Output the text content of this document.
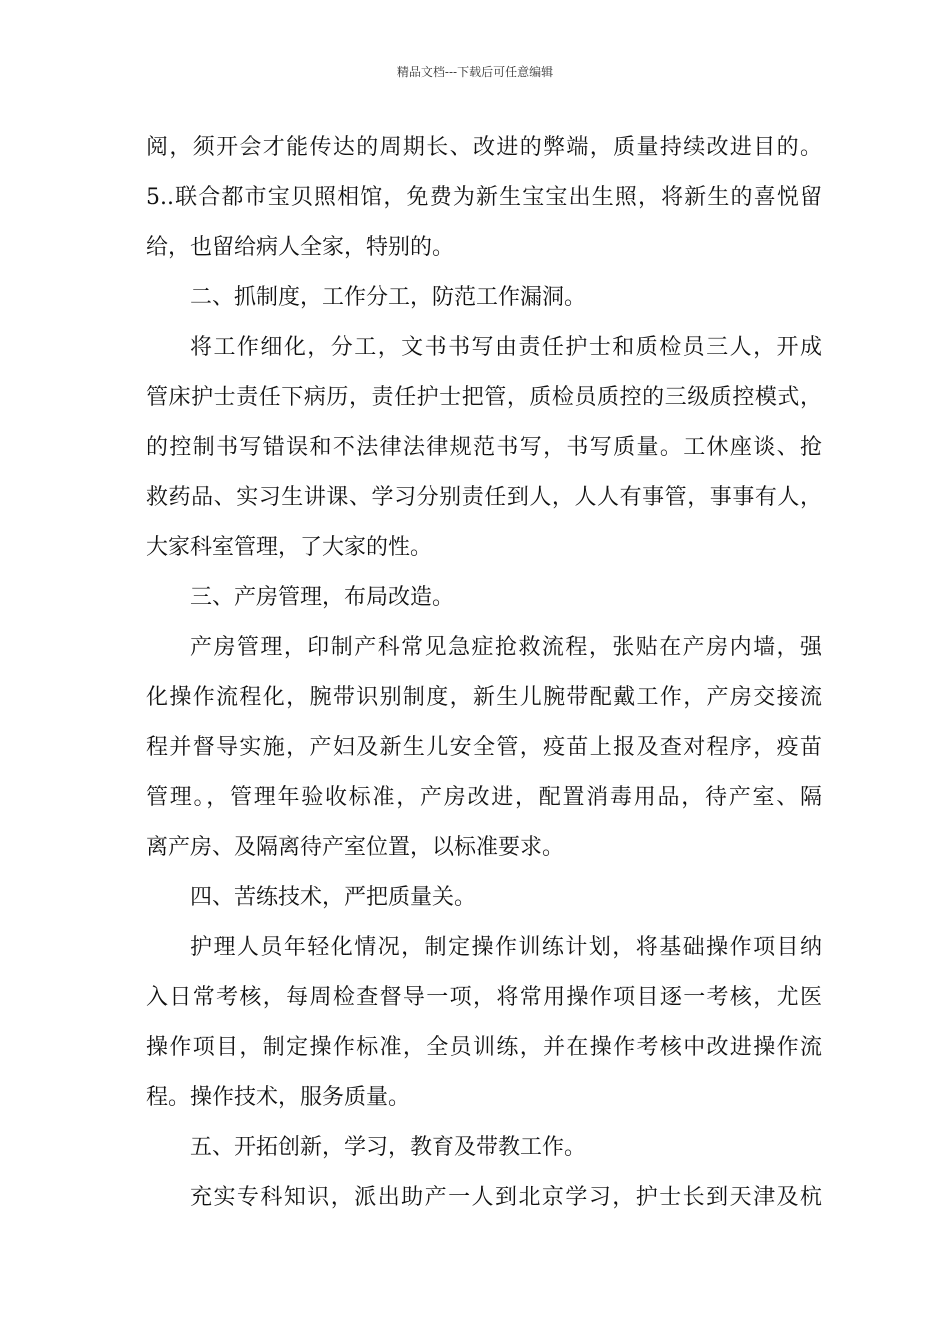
精品文档---下载后可任意编辑
阅，须开会才能传达的周期长、改进的弊端，质量持续改进目的。
5..联合都市宝贝照相馆，免费为新生宝宝出生照，将新生的喜悦留
给，也留给病人全家，特别的。
二、抓制度，工作分工，防范工作漏洞。
将工作细化，分工，文书书写由责任护士和质检员三人，开成
管床护士责任下病历，责任护士把管，质检员质控的三级质控模式，
的控制书写错误和不法律法律规范书写，书写质量。工休座谈、抢
救药品、实习生讲课、学习分别责任到人，人人有事管，事事有人，
大家科室管理，了大家的性。
三、产房管理，布局改造。
产房管理，印制产科常见急症抢救流程，张贴在产房内墙，强
化操作流程化，腕带识别制度，新生儿腕带配戴工作，产房交接流
程并督导实施，产妇及新生儿安全管，疫苗上报及查对程序，疫苗
管理。，管理年验收标准，产房改进，配置消毒用品，待产室、隔
离产房、及隔离待产室位置，以标准要求。
四、苦练技术，严把质量关。
护理人员年轻化情况，制定操作训练计划，将基础操作项目纳
入日常考核，每周检查督导一项，将常用操作项目逐一考核，尤医
操作项目，制定操作标准，全员训练，并在操作考核中改进操作流
程。操作技术，服务质量。
五、开拓创新，学习，教育及带教工作。
充实专科知识，派出助产一人到北京学习，护士长到天津及杭
